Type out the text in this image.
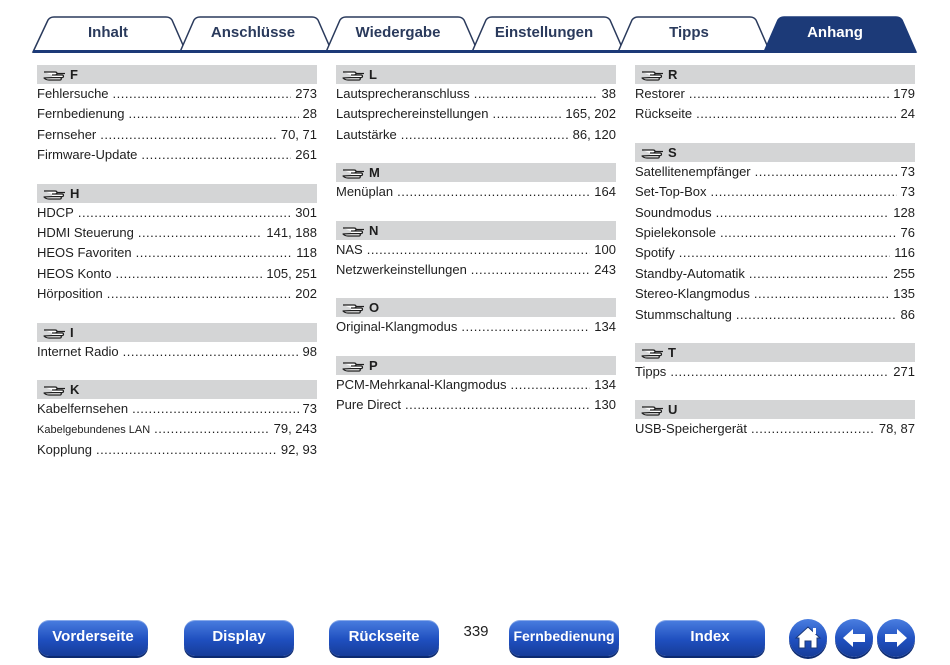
Inhalt	Anschlüsse	Wiedergabe	Einstellungen	Tipps	Anhang
F
Fehlersuche .....	273
Fernbedienung .....	28
Fernseher .....	70, 71
Firmware-Update .....	261
H
HDCP .....	301
HDMI Steuerung .....	141, 188
HEOS Favoriten .....	118
HEOS Konto .....	105, 251
Hörposition .....	202
I
Internet Radio .....	98
K
Kabelfernsehen .....	73
Kabelgebundenes LAN .....	79, 243
Kopplung .....	92, 93
L
Lautsprecheranschluss .....	38
Lautsprechereinstellungen .....	165, 202
Lautstärke .....	86, 120
M
Menüplan .....	164
N
NAS .....	100
Netzwerkeinstellungen .....	243
O
Original-Klangmodus .....	134
P
PCM-Mehrkanal-Klangmodus .....	134
Pure Direct .....	130
R
Restorer .....	179
Rückseite .....	24
S
Satellitenempfänger .....	73
Set-Top-Box .....	73
Soundmodus .....	128
Spielekonsole .....	76
Spotify .....	116
Standby-Automatik .....	255
Stereo-Klangmodus .....	135
Stummschaltung .....	86
T
Tipps .....	271
U
USB-Speichergerät .....	78, 87
Vorderseite	Display	Rückseite	339	Fernbedienung	Index
